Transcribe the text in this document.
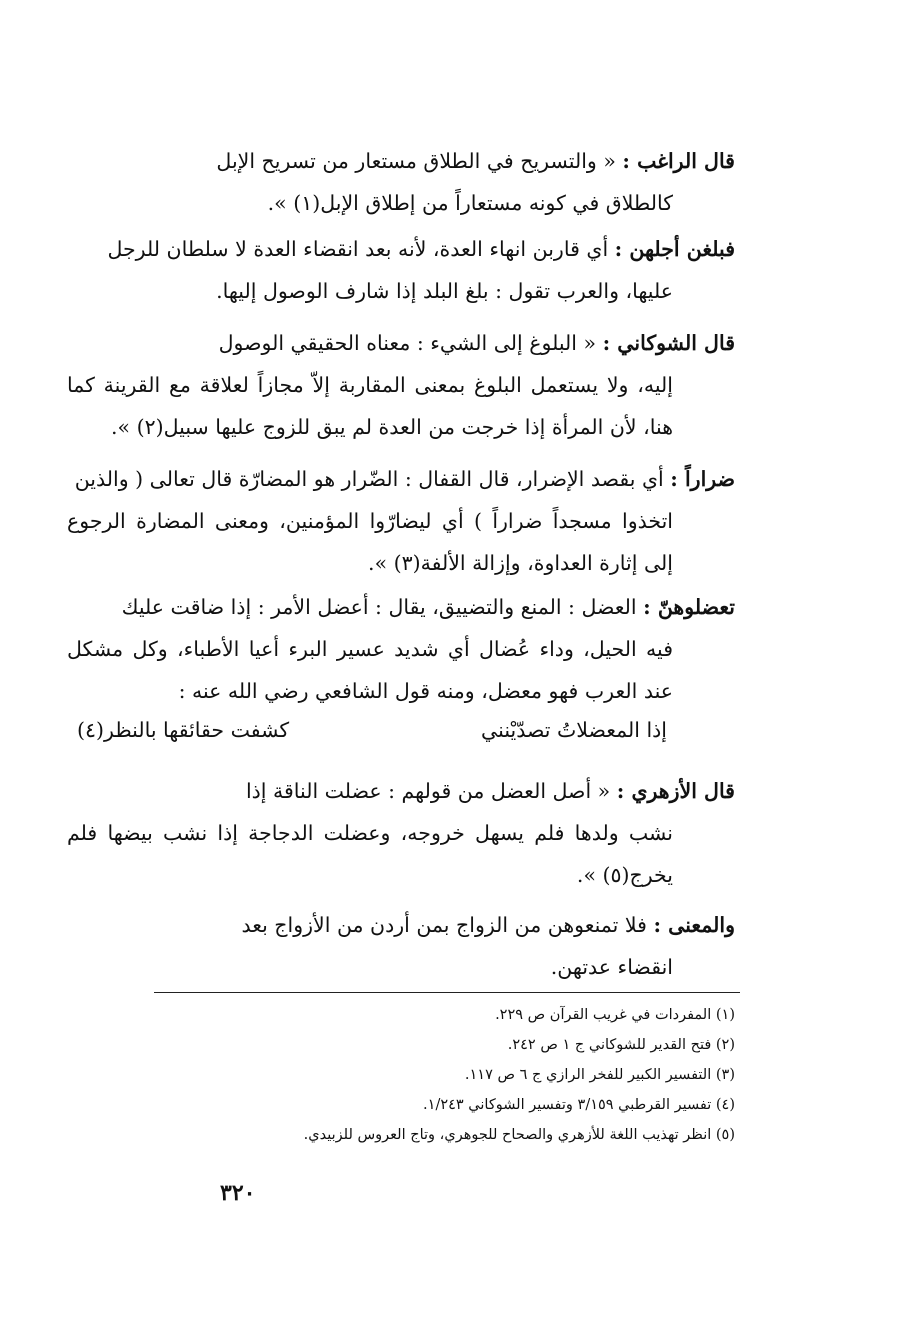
قال الراغب : « والتسريح في الطلاق مستعار من تسريح الإبل
كالطلاق في كونه مستعاراً من إطلاق الإبل(١) ».
فبلغن أجلهن : أي قاربن انهاء العدة، لأنه بعد انقضاء العدة لا سلطان للرجل
عليها، والعرب تقول : بلغ البلد إذا شارف الوصول إليها.
قال الشوكاني : « البلوغ إلى الشيء : معناه الحقيقي الوصول
إليه، ولا يستعمل البلوغ بمعنى المقاربة إلاّ مجازاً لعلاقة مع القرينة كما هنا، لأن المرأة إذا خرجت من العدة لم يبق للزوج عليها سبيل(٢) ».
ضراراً : أي بقصد الإضرار، قال القفال : الضّرار هو المضارّة قال تعالى ( والذين
اتخذوا مسجداً ضراراً ) أي ليضارّوا المؤمنين، ومعنى المضارة الرجوع إلى إثارة العداوة، وإزالة الألفة(٣) ».
تعضلوهنّ : العضل : المنع والتضييق، يقال : أعضل الأمر : إذا ضاقت عليك
فيه الحيل، وداء عُضال أي شديد عسير البرء أعيا الأطباء، وكل مشكل عند العرب فهو معضل، ومنه قول الشافعي رضي الله عنه :
إذا المعضلاتُ تصدّيْنني
كشفت حقائقها بالنظر(٤)
قال الأزهري : « أصل العضل من قولهم : عضلت الناقة إذا
نشب ولدها فلم يسهل خروجه، وعضلت الدجاجة إذا نشب بيضها فلم يخرج(٥) ».
والمعنى : فلا تمنعوهن من الزواج بمن أردن من الأزواج بعد
انقضاء عدتهن.
(١) المفردات في غريب القرآن ص ٢٢٩.
(٢) فتح القدير للشوكاني ج ١ ص ٢٤٢.
(٣) التفسير الكبير للفخر الرازي ج ٦ ص ١١٧.
(٤) تفسير القرطبي ٣/١٥٩ وتفسير الشوكاني ١/٢٤٣.
(٥) انظر تهذيب اللغة للأزهري والصحاح للجوهري، وتاج العروس للزبيدي.
٣٢٠
